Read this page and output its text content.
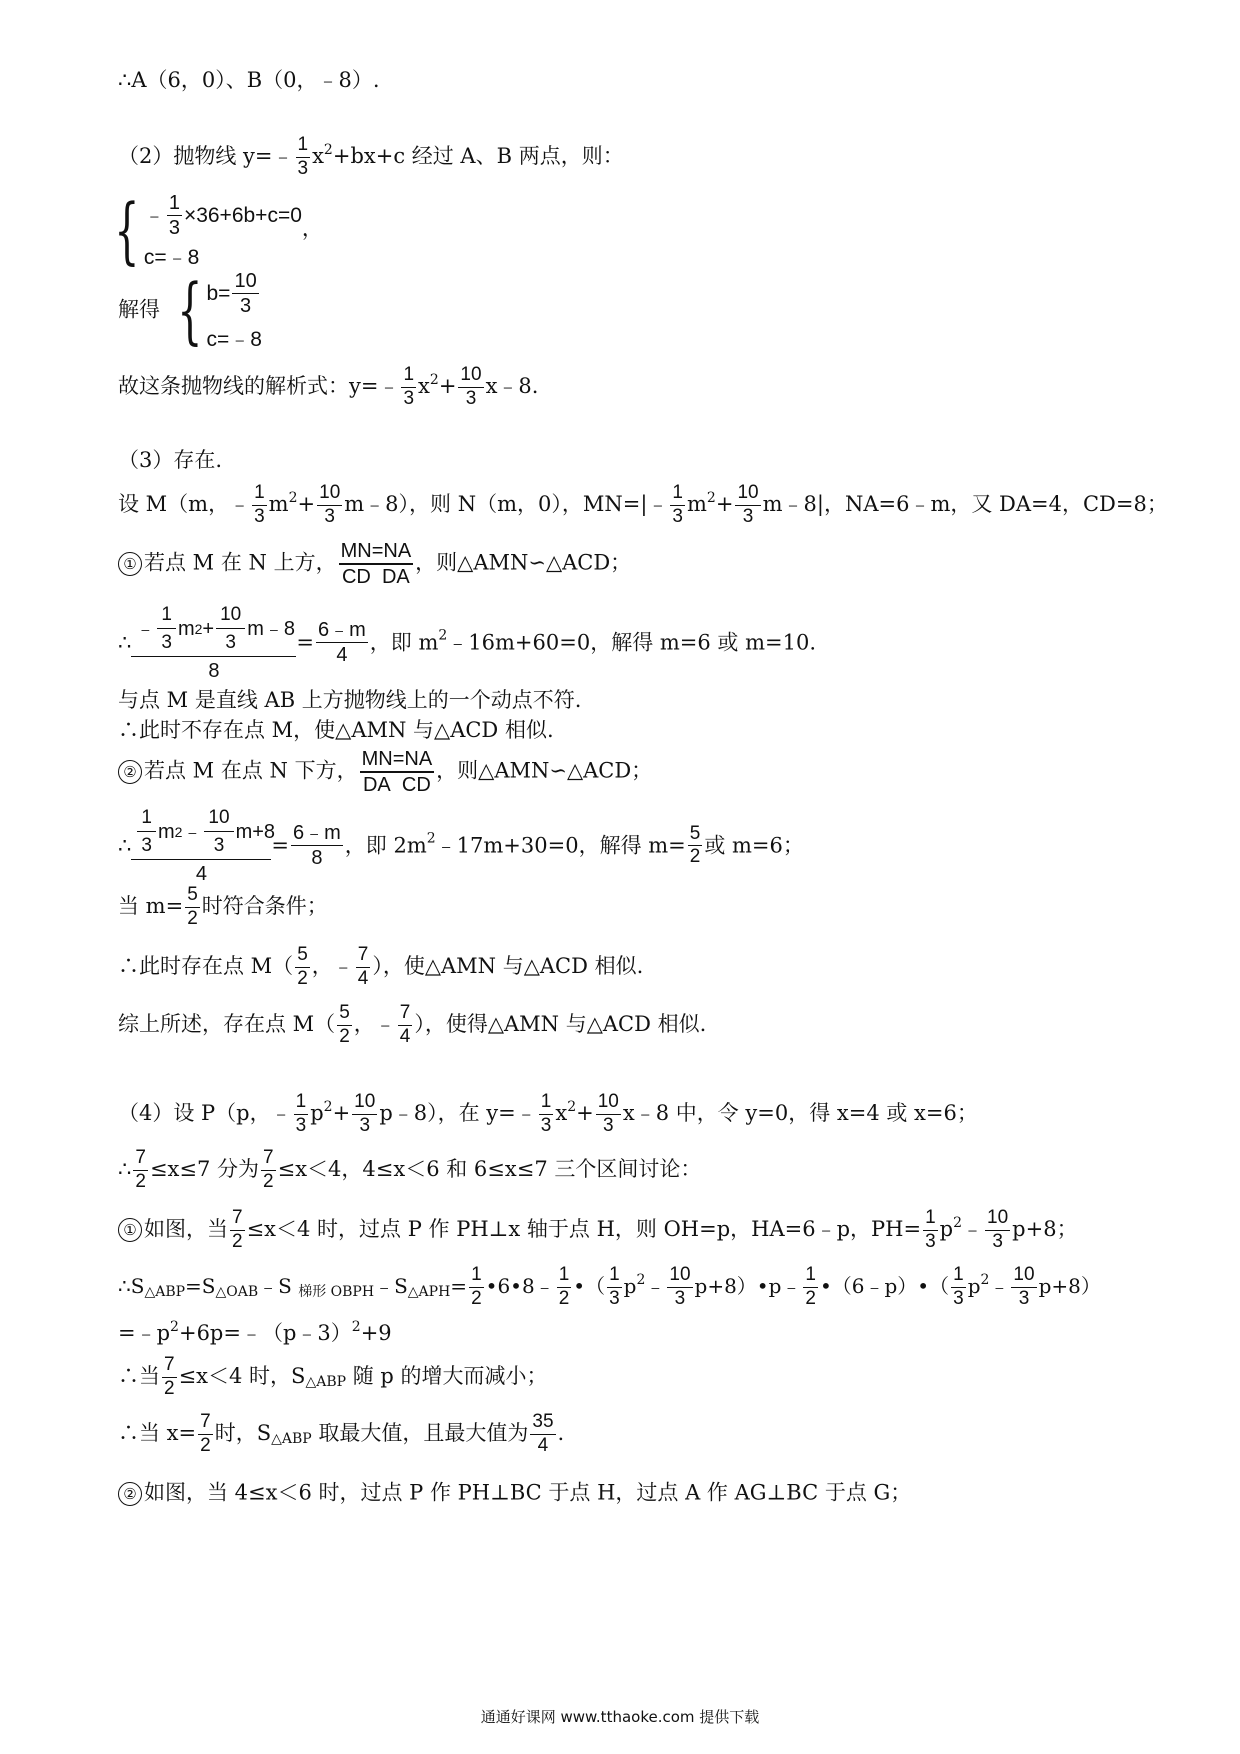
∴A（6，0）、B（0，﹣8）.
（2）抛物线 y=﹣ $\frac{1}{3} x^2+bx+c$ 经过 A、B 两点，则：
{ ﹣ $\frac{1}{3} \times 36+6b+c=0$
c=﹣8
，
解得 { $b= \frac{10}{3}$
c=﹣8
故这条抛物线的解析式：y=﹣ $\frac{1}{3} x^2+ \frac{10}{3}$ x﹣8.
（3）存在.
设 M（m，﹣ $\frac{1}{3} m^2+ \frac{10}{3}$ m﹣8），则 N（m，0），MN=|﹣ $\frac{1}{3} m^2+ \frac{10}{3}$ m﹣8|，NA=6﹣m，又 DA=4，CD=8；
① 若点 M 在 N 上方， $\frac{MN=NA}{\text{CD DA}}$ ，则△AMN∽△ACD；
∴ $\frac{﹣ \frac{1}{3} m 2 + \frac{10}{3} m﹣8}{8} = \frac{6﹣m}{4}$ ，即 $m^2﹣16m+60=0$，解得 m=6 或 m=10.
与点 M 是直线 AB 上方抛物线上的一个动点不符.
∴此时不存在点 M，使△AMN 与△ACD 相似.
② 若点 M 在点 N 下方， $\frac{MN=NA}{\text{DA CD}}$ ，则△AMN∽△ACD；
∴ $\frac{\frac{1}{3} m 2 ﹣ \frac{10}{3} m+8}{4} = \frac{6﹣m}{8}$ ，即 $2m^2﹣17m+30=0$，解得 $m= \frac{5}{2}$ 或 m=6；
当 $m= \frac{5}{2}$ 时符合条件；
∴此时存在点 $M( \frac{5}{2}$ ，﹣ $\frac{7}{4}$ ），使△AMN 与△ACD 相似.
综上所述，存在点 $M( \frac{5}{2}$ ，﹣ $\frac{7}{4}$ ），使得△AMN 与△ACD 相似.
（4）设 P（p，﹣ $\frac{1}{3} p^2+ \frac{10}{3}$ p﹣8），在 y=﹣ $\frac{1}{3} x^2+ \frac{10}{3}$ x﹣8 中，令 y=0，得 x=4 或 x=6；
∴ $\frac{7}{2} \le x\le 7$ 分为 $\frac{7}{2} \le x<4$，4≤x＜6 和 6≤x≤7 三个区间讨论：
① 如图，当 $\frac{7}{2} \le x<4$ 时，过点 P 作 PH⊥x 轴于点 H，则 OH=p，HA=6﹣p，$PH= \frac{1}{3}$ $p^2﹣ \frac{10}{3} p+8$；
$\therefore S_{\triangle ABP}=S_{\triangle OAB}﹣S$ $_{梯形 OBPH}﹣S_{\triangle APH}= \frac{1}{2}$ •6•8﹣ $\frac{1}{2}$ •（ $\frac{1}{3}$ $p^2﹣ \frac{10}{3}$ p+8）•p﹣ $\frac{1}{2}$ •（6﹣p）•（ $\frac{1}{3}$ $p^2﹣ \frac{10}{3} p+8$）
$=﹣p^2+6p=﹣(p﹣3)^2+9$
∴当 $\frac{7}{2} \le x<4$ 时，$S_{\triangle ABP}$ 随 p 的增大而减小；
∴当 $x= \frac{7}{2}$ 时，$S_{\triangle ABP}$ 取最大值，且最大值为 $\frac{35}{4}$ .
② 如图，当 4≤x＜6 时，过点 P 作 PH⊥BC 于点 H，过点 A 作 AG⊥BC 于点 G；
通通好课网 www.tthaoke.com 提供下载
